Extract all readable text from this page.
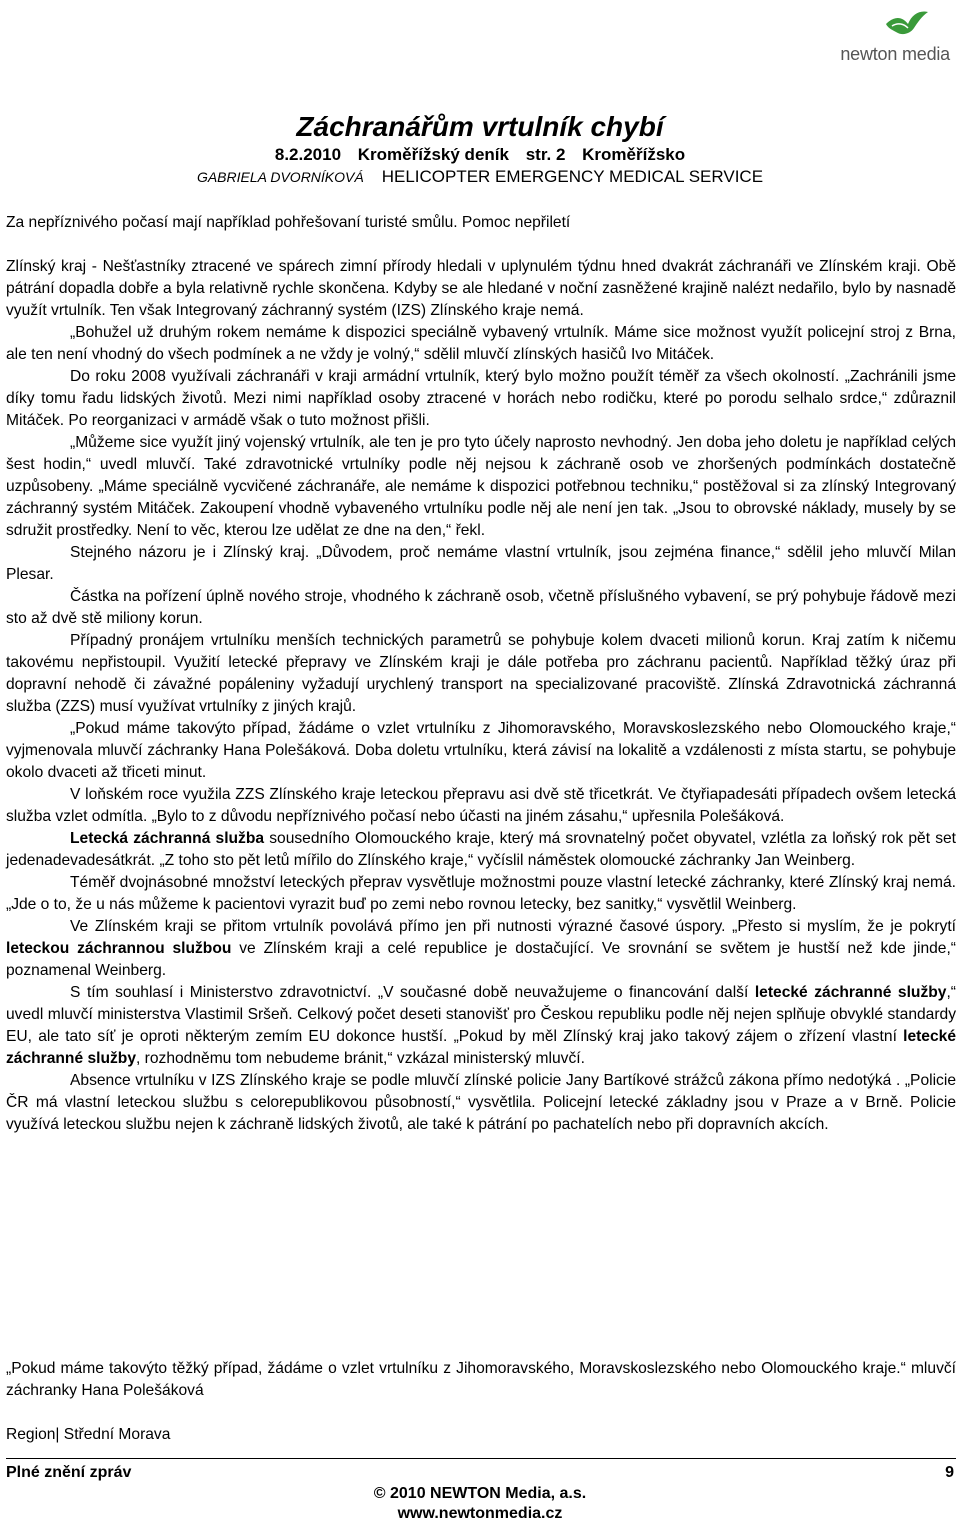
newton media
Záchranářům vrtulník chybí
8.2.2010 Kroměřížský deník str. 2 Kroměřížsko
GABRIELA DVORNÍKOVÁ HELICOPTER EMERGENCY MEDICAL SERVICE

Za nepříznivého počasí mají například pohřešovaní turisté smůlu. Pomoc nepřiletí

Zlínský kraj - Nešťastníky ztracené ve spárech zimní přírody hledali v uplynulém týdnu hned dvakrát záchranáři ve Zlínském kraji. Obě pátrání dopadla dobře a byla relativně rychle skončena. Kdyby se ale hledané v noční zasněžené krajině nalézt nedařilo, bylo by nasnadě využít vrtulník. Ten však Integrovaný záchranný systém (IZS) Zlínského kraje nemá.

„Bohužel už druhým rokem nemáme k dispozici speciálně vybavený vrtulník. Máme sice možnost využít policejní stroj z Brna, ale ten není vhodný do všech podmínek a ne vždy je volný,“ sdělil mluvčí zlínských hasičů Ivo Mitáček.

Do roku 2008 využívali záchranáři v kraji armádní vrtulník, který bylo možno použít téměř za všech okolností. „Zachránili jsme díky tomu řadu lidských životů. Mezi nimi například osoby ztracené v horách nebo rodičku, které po porodu selhalo srdce,“ zdůraznil Mitáček. Po reorganizaci v armádě však o tuto možnost přišli.

„Můžeme sice využít jiný vojenský vrtulník, ale ten je pro tyto účely naprosto nevhodný. Jen doba jeho doletu je například celých šest hodin,“ uvedl mluvčí. Také zdravotnické vrtulníky podle něj nejsou k záchraně osob ve zhoršených podmínkách dostatečně uzpůsobeny. „Máme speciálně vycvičené záchranáře, ale nemáme k dispozici potřebnou techniku,“ postěžoval si za zlínský Integrovaný záchranný systém Mitáček. Zakoupení vhodně vybaveného vrtulníku podle něj ale není jen tak. „Jsou to obrovské náklady, musely by se sdružit prostředky. Není to věc, kterou lze udělat ze dne na den,“ řekl.

Stejného názoru je i Zlínský kraj. „Důvodem, proč nemáme vlastní vrtulník, jsou zejména finance,“ sdělil jeho mluvčí Milan Plesar.

Částka na pořízení úplně nového stroje, vhodného k záchraně osob, včetně příslušného vybavení, se prý pohybuje řádově mezi sto až dvě stě miliony korun.

Případný pronájem vrtulníku menších technických parametrů se pohybuje kolem dvaceti milionů korun. Kraj zatím k ničemu takovému nepřistoupil. Využití letecké přepravy ve Zlínském kraji je dále potřeba pro záchranu pacientů. Například těžký úraz při dopravní nehodě či závažné popáleniny vyžadují urychlený transport na specializované pracoviště. Zlínská Zdravotnická záchranná služba (ZZS) musí využívat vrtulníky z jiných krajů.

„Pokud máme takovýto případ, žádáme o vzlet vrtulníku z Jihomoravského, Moravskoslezského nebo Olomouckého kraje,“ vyjmenovala mluvčí záchranky Hana Polešáková. Doba doletu vrtulníku, která závisí na lokalitě a vzdálenosti z místa startu, se pohybuje okolo dvaceti až třiceti minut.

V loňském roce využila ZZS Zlínského kraje leteckou přepravu asi dvě stě třicetkrát. Ve čtyřiapadesáti případech ovšem letecká služba vzlet odmítla. „Bylo to z důvodu nepříznivého počasí nebo účasti na jiném zásahu,“ upřesnila Polešáková.

Letecká záchranná služba sousedního Olomouckého kraje, který má srovnatelný počet obyvatel, vzlétla za loňský rok pět set jedenadevadesátkrát. „Z toho sto pět letů mířilo do Zlínského kraje,“ vyčíslil náměstek olomoucké záchranky Jan Weinberg.

Téměř dvojnásobné množství leteckých přeprav vysvětluje možnostmi pouze vlastní letecké záchranky, které Zlínský kraj nemá. „Jde o to, že u nás můžeme k pacientovi vyrazit buď po zemi nebo rovnou letecky, bez sanitky,“ vysvětlil Weinberg.

Ve Zlínském kraji se přitom vrtulník povolává přímo jen při nutnosti výrazné časové úspory. „Přesto si myslím, že je pokrytí leteckou záchrannou službou ve Zlínském kraji a celé republice je dostačující. Ve srovnání se světem je hustší než kde jinde,“ poznamenal Weinberg.

S tím souhlasí i Ministerstvo zdravotnictví. „V současné době neuvažujeme o financování další letecké záchranné služby,“ uvedl mluvčí ministerstva Vlastimil Sršeň. Celkový počet deseti stanovišť pro Českou republiku podle něj nejen splňuje obvyklé standardy EU, ale tato síť je oproti některým zemím EU dokonce hustší. „Pokud by měl Zlínský kraj jako takový zájem o zřízení vlastní letecké záchranné služby, rozhodněmu tom nebudeme bránit,“ vzkázal ministerský mluvčí.

Absence vrtulníku v IZS Zlínského kraje se podle mluvčí zlínské policie Jany Bartíkové strážců zákona přímo nedotýká . „Policie ČR má vlastní leteckou službu s celorepublikovou působností,“ vysvětlila. Policejní letecké základny jsou v Praze a v Brně. Policie využívá leteckou službu nejen k záchraně lidských životů, ale také k pátrání po pachatelích nebo při dopravních akcích.

„Pokud máme takovýto těžký případ, žádáme o vzlet vrtulníku z Jihomoravského, Moravskoslezského nebo Olomouckého kraje.“ mluvčí záchranky Hana Polešáková
Region| Střední Morava
Plné znění zpráv	9
© 2010 NEWTON Media, a.s.
www.newtonmedia.cz
